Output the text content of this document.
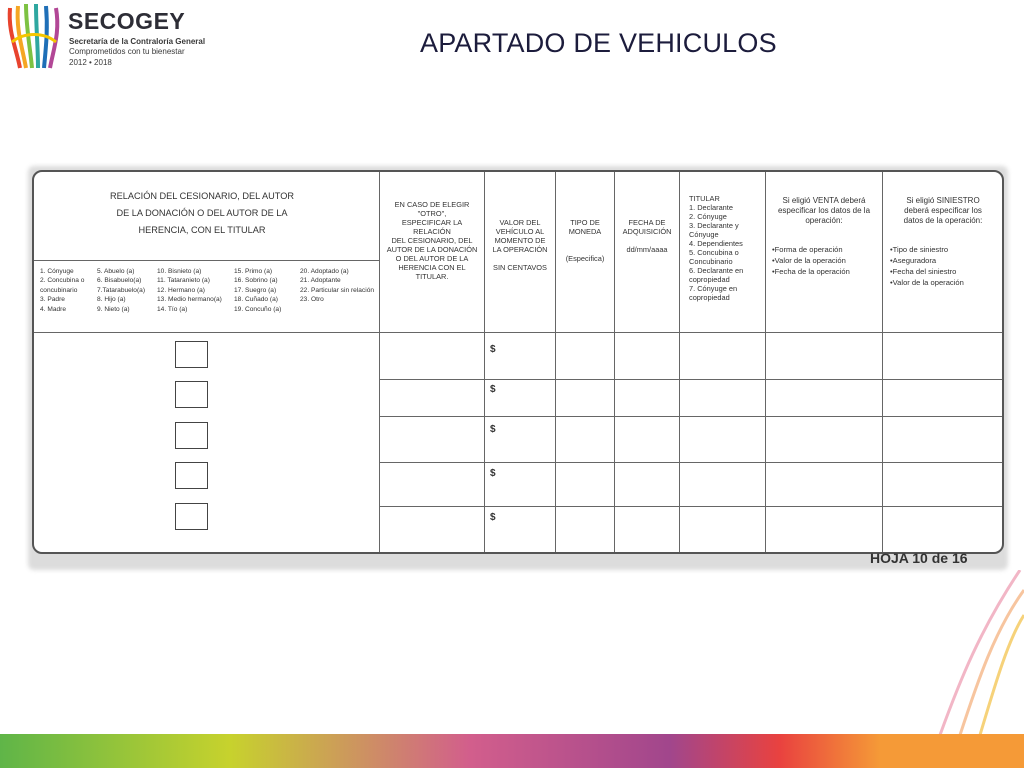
SECOGEY
Secretaría de la Contraloría General
Comprometidos con tu bienestar
2012 • 2018
APARTADO DE VEHICULOS
RELACIÓN DEL CESIONARIO, DEL AUTOR
DE LA DONACIÓN O DEL AUTOR DE LA
HERENCIA, CON EL TITULAR
1. Cónyuge
2. Concubina o
concubinario
3. Padre
4. Madre
5. Abuelo (a)
6. Bisabuelo(a)
7.Tatarabuelo(a)
8. Hijo (a)
9. Nieto (a)
10. Bisnieto (a)
11. Tataranieto (a)
12. Hermano (a)
13. Medio hermano(a)
14. Tío (a)
15. Primo (a)
16. Sobrino (a)
17. Suegro (a)
18. Cuñado (a)
19. Concuño (a)
20. Adoptado (a)
21. Adoptante
22. Particular sin relación
23. Otro
EN CASO DE ELEGIR
"OTRO",
ESPECIFICAR LA
RELACIÓN
DEL CESIONARIO, DEL
AUTOR DE LA DONACIÓN
O DEL AUTOR DE LA
HERENCIA CON EL
TITULAR.
VALOR DEL
VEHÍCULO AL
MOMENTO DE
LA OPERACIÓN
SIN CENTAVOS
TIPO DE
MONEDA
(Especifica)
FECHA DE
ADQUISICIÓN
dd/mm/aaaa
TITULAR
1. Declarante
2. Cónyuge
3. Declarante y
Cónyuge
4. Dependientes
5. Concubina o
Concubinario
6. Declarante en
copropiedad
7. Cónyuge en
copropiedad
Si eligió VENTA deberá
especificar los datos de la
operación:
•Forma de operación
•Valor de la operación
•Fecha de la operación
Si eligió SINIESTRO
deberá especificar los
datos de la operación:
•Tipo de siniestro
•Aseguradora
•Fecha del siniestro
•Valor de la operación
$
$
$
$
$
HOJA 10 de 16
